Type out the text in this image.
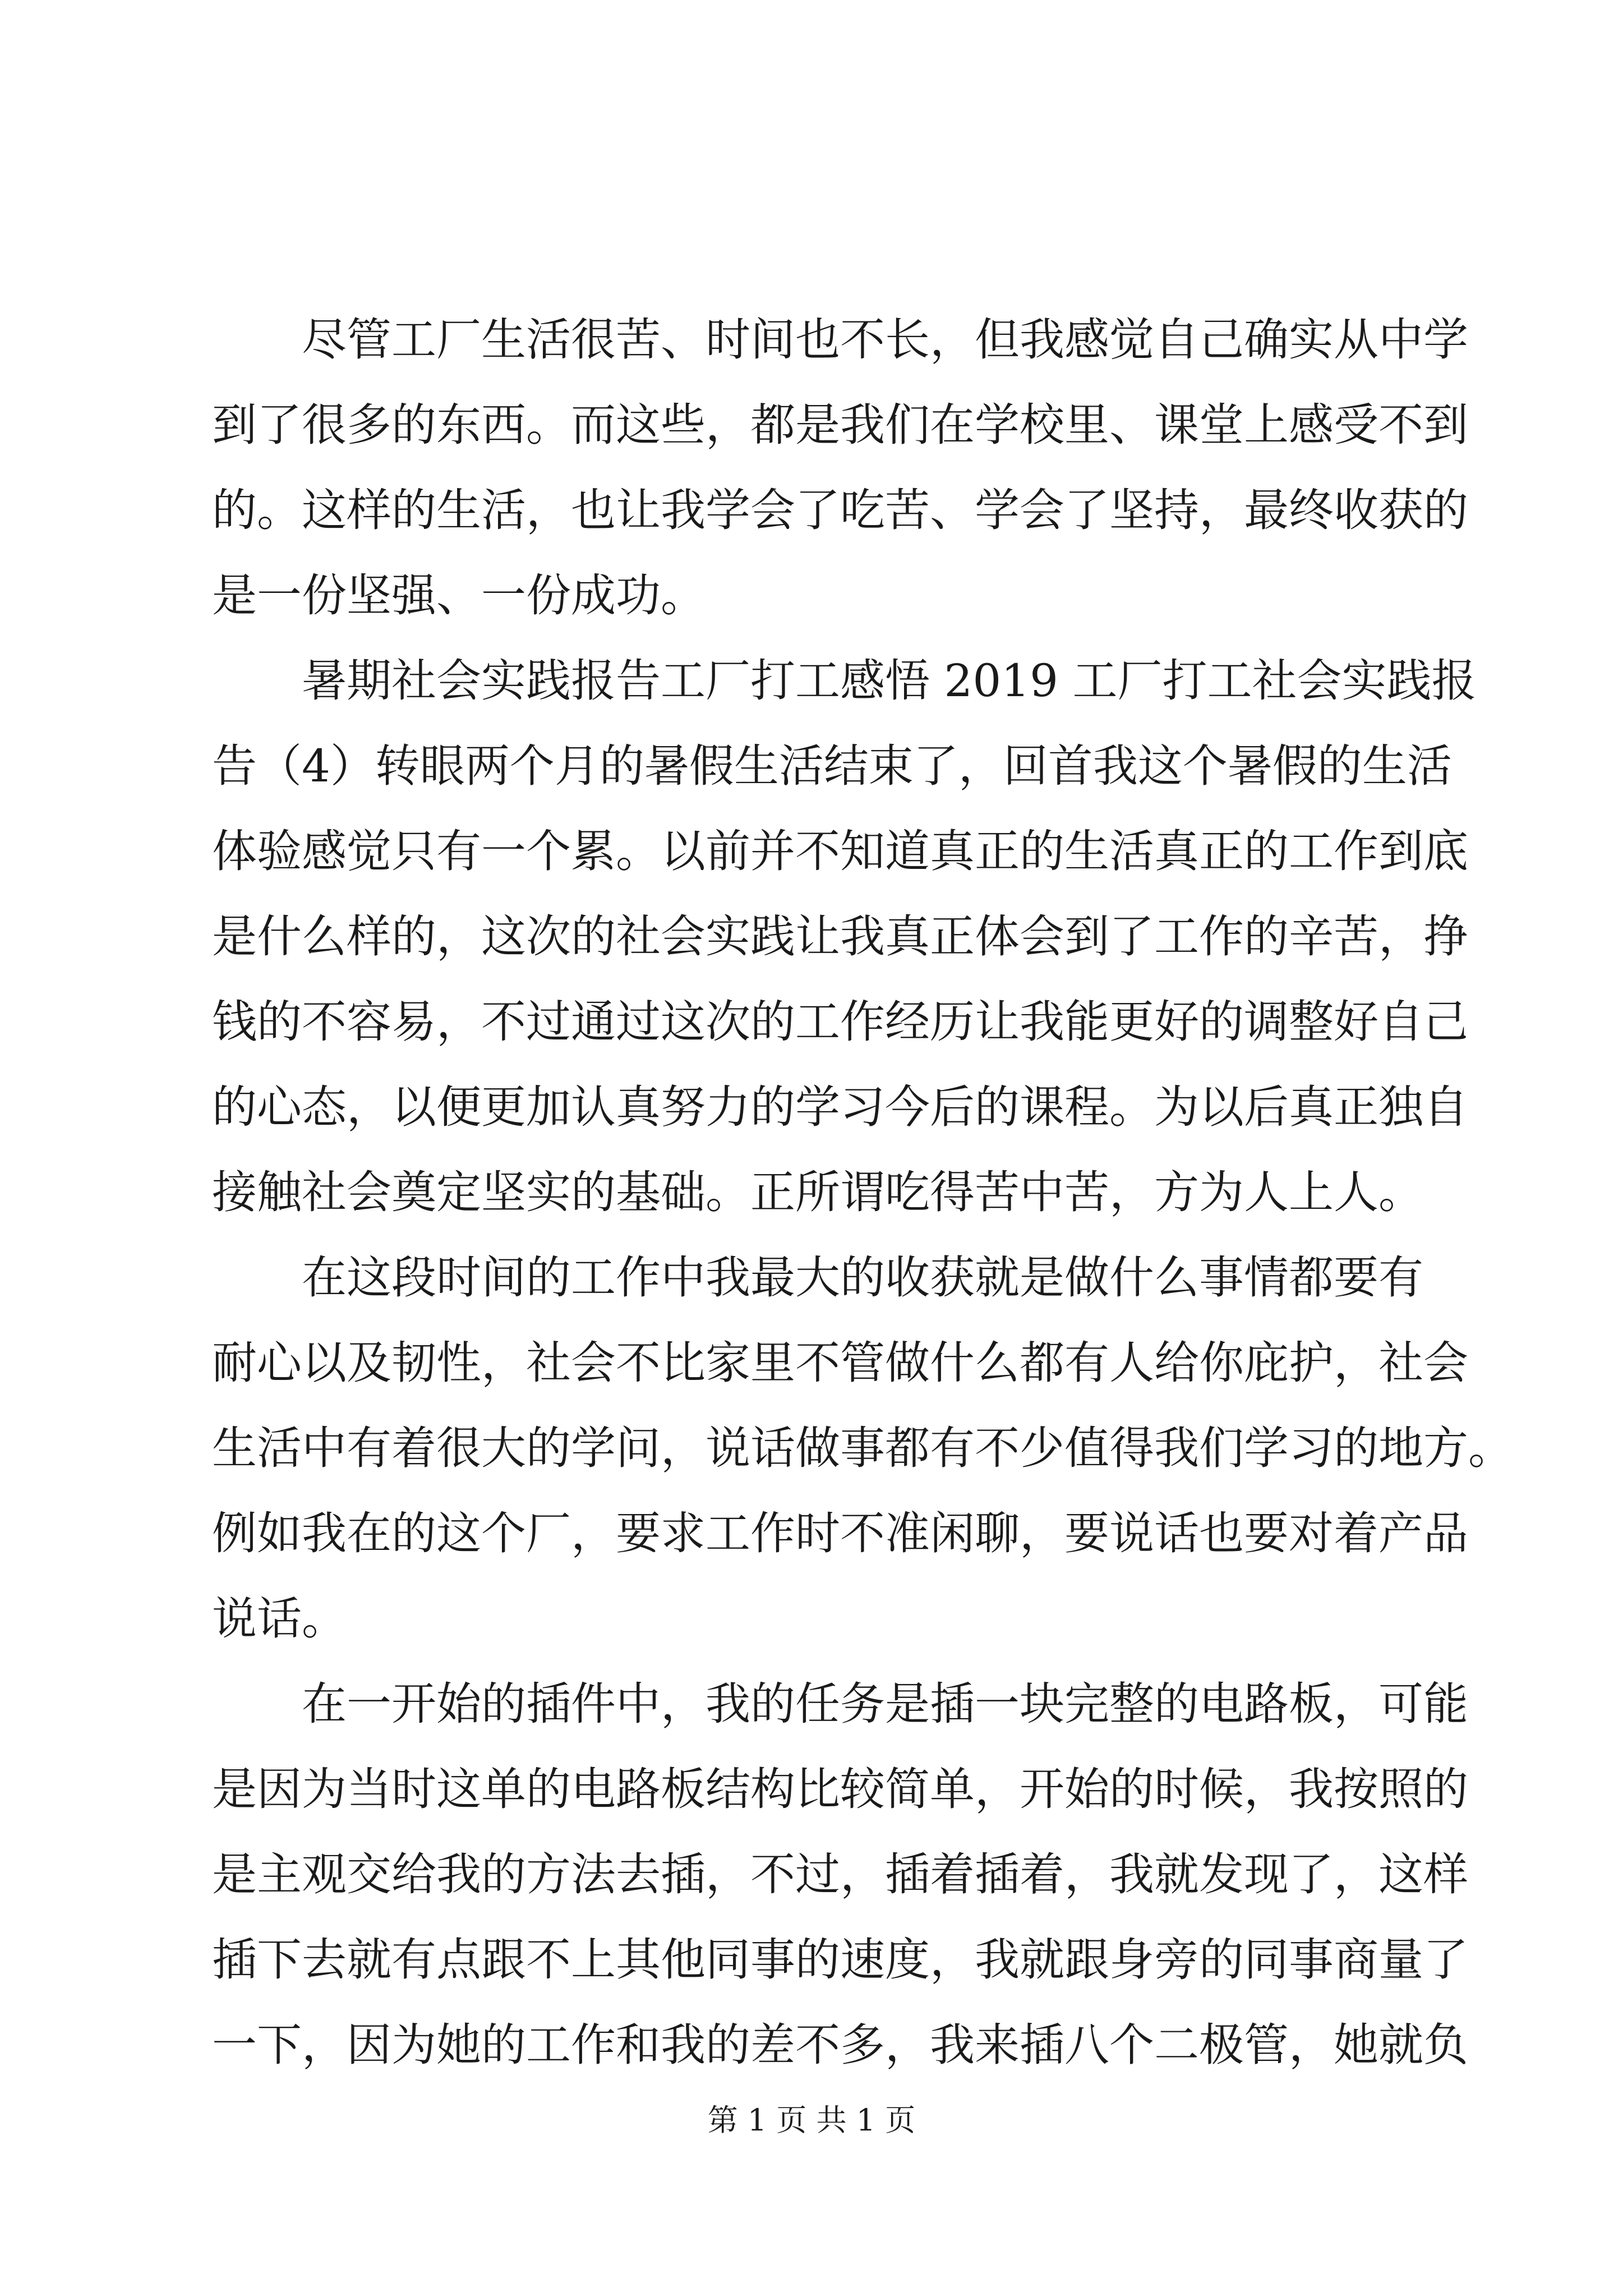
尽管工厂生活很苦、时间也不长，但我感觉自己确实从中学
到了很多的东西。而这些，都是我们在学校里、课堂上感受不到
的。这样的生活，也让我学会了吃苦、学会了坚持，最终收获的
是一份坚强、一份成功。
暑期社会实践报告工厂打工感悟 2019 工厂打工社会实践报
告（4）转眼两个月的暑假生活结束了，回首我这个暑假的生活
体验感觉只有一个累。以前并不知道真正的生活真正的工作到底
是什么样的，这次的社会实践让我真正体会到了工作的辛苦，挣
钱的不容易，不过通过这次的工作经历让我能更好的调整好自己
的心态，以便更加认真努力的学习今后的课程。为以后真正独自
接触社会奠定坚实的基础。正所谓吃得苦中苦，方为人上人。
在这段时间的工作中我最大的收获就是做什么事情都要有
耐心以及韧性，社会不比家里不管做什么都有人给你庇护，社会
生活中有着很大的学问，说话做事都有不少值得我们学习的地方。
例如我在的这个厂，要求工作时不准闲聊，要说话也要对着产品
说话。
在一开始的插件中，我的任务是插一块完整的电路板，可能
是因为当时这单的电路板结构比较简单，开始的时候，我按照的
是主观交给我的方法去插，不过，插着插着，我就发现了，这样
插下去就有点跟不上其他同事的速度，我就跟身旁的同事商量了
一下，因为她的工作和我的差不多，我来插八个二极管，她就负
第 1 页 共 1 页
